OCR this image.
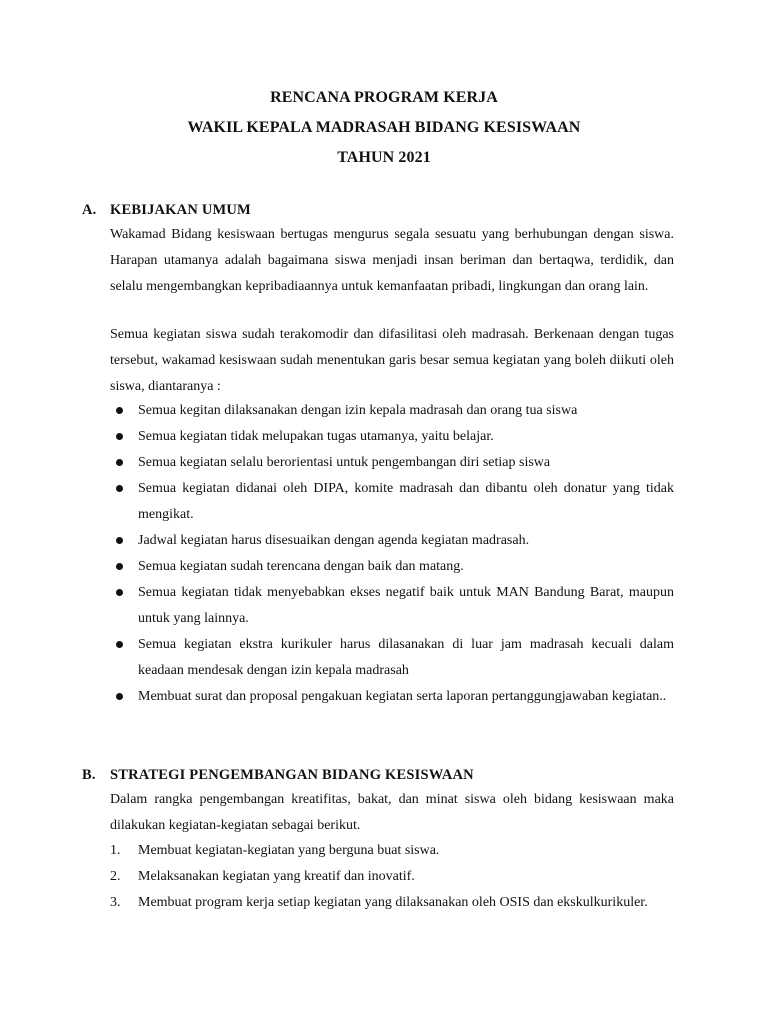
RENCANA PROGRAM KERJA
WAKIL KEPALA MADRASAH BIDANG KESISWAAN
TAHUN 2021
A. KEBIJAKAN UMUM
Wakamad Bidang kesiswaan bertugas mengurus segala sesuatu yang berhubungan dengan siswa. Harapan utamanya adalah bagaimana siswa menjadi insan beriman dan bertaqwa, terdidik, dan selalu mengembangkan kepribadiaannya untuk kemanfaatan pribadi, lingkungan dan orang lain.
Semua kegiatan siswa sudah terakomodir dan difasilitasi oleh madrasah. Berkenaan dengan tugas tersebut, wakamad kesiswaan sudah menentukan garis besar semua kegiatan yang boleh diikuti oleh siswa, diantaranya :
Semua kegitan dilaksanakan dengan izin kepala madrasah dan orang tua siswa
Semua kegiatan tidak melupakan tugas utamanya, yaitu belajar.
Semua kegiatan selalu berorientasi untuk pengembangan diri setiap siswa
Semua kegiatan didanai oleh DIPA, komite madrasah dan dibantu oleh donatur yang tidak mengikat.
Jadwal kegiatan harus disesuaikan dengan agenda kegiatan madrasah.
Semua kegiatan sudah terencana dengan baik dan matang.
Semua kegiatan tidak menyebabkan ekses negatif baik untuk MAN Bandung Barat, maupun untuk yang lainnya.
Semua kegiatan ekstra kurikuler harus dilasanakan di luar jam madrasah kecuali dalam keadaan mendesak dengan izin kepala madrasah
Membuat surat dan proposal pengakuan kegiatan serta laporan pertanggungjawaban kegiatan..
B. STRATEGI PENGEMBANGAN BIDANG KESISWAAN
Dalam rangka pengembangan kreatifitas, bakat, dan minat siswa oleh bidang kesiswaan maka dilakukan kegiatan-kegiatan sebagai berikut.
1. Membuat kegiatan-kegiatan yang berguna buat siswa.
2. Melaksanakan kegiatan yang kreatif dan inovatif.
3. Membuat program kerja setiap kegiatan yang dilaksanakan oleh OSIS dan ekskulkurikuler.
